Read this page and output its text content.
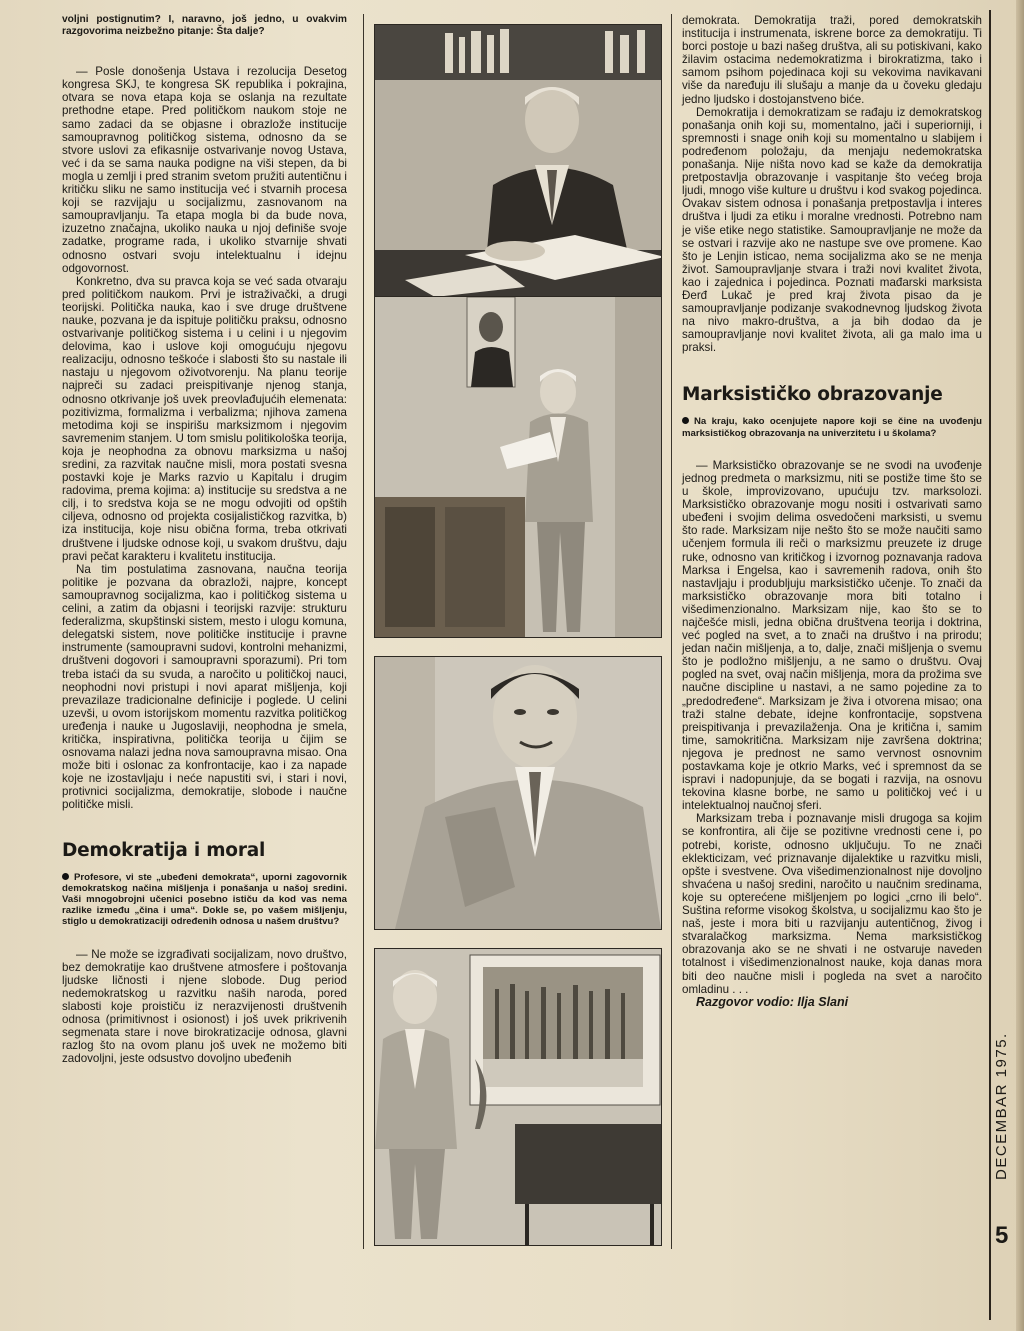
voljni postignutim? I, naravno, još jedno, u ovakvim razgovorima neizbežno pitanje: Šta dalje?

— Posle donošenja Ustava i rezolucija Desetog kongresa SKJ, te kongresa SK republika i pokrajina, otvara se nova etapa koja se oslanja na rezultate prethodne etape. Pred političkom naukom stoje ne samo zadaci da se objasne i obrazlože institucije samoupravnog političkog sistema, odnosno da se stvore uslovi za efikasnije ostvarivanje novog Ustava, već i da se sama nauka podigne na viši stepen, da bi mogla u zemlji i pred stranim svetom pružiti autentičnu i kritičku sliku ne samo institucija već i stvarnih procesa koji se razvijaju u socijalizmu, zasnovanom na samoupravljanju. Ta etapa mogla bi da bude nova, izuzetno značajna, ukoliko nauka u njoj definiše svoje zadatke, programe rada, i ukoliko stvarnije shvati odnosno ostvari svoju intelektualnu i idejnu odgovornost.

Konkretno, dva su pravca koja se već sada otvaraju pred političkom naukom. Prvi je istraživački, a drugi teorijski. Politička nauka, kao i sve druge društvene nauke, pozvana je da ispituje političku praksu, odnosno ostvarivanje političkog sistema i u celini i u njegovim delovima, kao i uslove koji omogućuju njegovu realizaciju, odnosno teškoće i slabosti što su nastale ili nastaju u njegovom oživotvorenju. Na planu teorije najpreči su zadaci preispitivanje njenog stanja, odnosno otkrivanje još uvek preovlađujućih elemenata: pozitivizma, formalizma i verbalizma; njihova zamena metodima koji se inspirišu marksizmom i njegovim savremenim stanjem. U tom smislu politikološka teorija, koja je neophodna za obnovu marksizma u našoj sredini, za razvitak naučne misli, mora postati svesna postavki koje je Marks razvio u Kapitalu i drugim radovima, prema kojima: a) institucije su sredstva a ne cilj, i to sredstva koja se ne mogu odvojiti od opštih ciljeva, odnosno od projekta cosijalističkog razvitka, b) iza institucija, koje nisu obična forma, treba otkrivati društvene i ljudske odnose koji, u svakom društvu, daju pravi pečat karakteru i kvalitetu institucija.

Na tim postulatima zasnovana, naučna teorija politike je pozvana da obrazloži, najpre, koncept samoupravnog socijalizma, kao i političkog sistema u celini, a zatim da objasni i teorijski razvije: strukturu federalizma, skupštinski sistem, mesto i ulogu komuna, delegatski sistem, nove političke institucije i pravne instrumente (samoupravni sudovi, kontrolni mehanizmi, društveni dogovori i samoupravni sporazumi). Pri tom treba istaći da su svuda, a naročito u političkoj nauci, neophodni novi pristupi i novi aparat mišljenja, koji prevazilaze tradicionalne definicije i poglede. U celini uzevši, u ovom istorijskom momentu razvitka političkog uređenja i nauke u Jugoslaviji, neophodna je smela, kritička, inspirativna, politička teorija u čijim se osnovama nalazi jedna nova samoupravna misao. Ona može biti i oslonac za konfrontacije, kao i za napade koje ne izostavljaju i neće napustiti svi, i stari i novi, protivnici socijalizma, demokratije, slobode i naučne političke misli.

Demokratija i moral
Profesore, vi ste „ubeđeni demokrata“, uporni zagovornik demokratskog načina mišljenja i ponašanja u našoj sredini. Vaši mnogobrojni učenici posebno ističu da kod vas nema razlike između „čina i uma“. Dokle se, po vašem mišljenju, stiglo u demokratizaciji određenih odnosa u našem društvu?

— Ne može se izgrađivati socijalizam, novo društvo, bez demokratije kao društvene atmosfere i poštovanja ljudske ličnosti i njene slobode. Dug period nedemokratskog u razvitku naših naroda, pored slabosti koje proističu iz nerazvijenosti društvenih odnosa (primitivnost i osionost) i još uvek prikrivenih segmenata stare i nove birokratizacije odnosa, glavni razlog što na ovom planu još uvek ne možemo biti zadovoljni, jeste odsustvo dovoljno ubeđenih

demokrata. Demokratija traži, pored demokratskih institucija i instrumenata, iskrene borce za demokratiju. Ti borci postoje u bazi našeg društva, ali su potiskivani, kako žilavim ostacima nedemokratizma i birokratizma, tako i samom psihom pojedinaca koji su vekovima navikavani više da naređuju ili slušaju a manje da u čoveku gledaju jedno ljudsko i dostojanstveno biće.

Demokratija i demokratizam se rađaju iz demokratskog ponašanja onih koji su, momentalno, jači i superiorniji, i spremnosti i snage onih koji su momentalno u slabijem i podređenom položaju, da menjaju nedemokratska ponašanja. Nije ništa novo kad se kaže da demokratija pretpostavlja obrazovanje i vaspitanje što većeg broja ljudi, mnogo više kulture u društvu i kod svakog pojedinca. Ovakav sistem odnosa i ponašanja pretpostavlja i interes društva i ljudi za etiku i moralne vrednosti. Potrebno nam je više etike nego statistike. Samoupravljanje ne može da se ostvari i razvije ako ne nastupe sve ove promene. Kao što je Lenjin isticao, nema socijalizma ako se ne menja život. Samoupravljanje stvara i traži novi kvalitet života, kao i zajednica i pojedinca. Poznati mađarski marksista Đerđ Lukač je pred kraj života pisao da je samoupravljanje podizanje svakodnevnog ljudskog života na nivo makro-društva, a ja bih dodao da je samoupravljanje novi kvalitet života, ali ga malo ima u praksi.

Marksističko obrazovanje
Na kraju, kako ocenjujete napore koji se čine na uvođenju marksističkog obrazovanja na univerzitetu i u školama?

— Marksističko obrazovanje se ne svodi na uvođenje jednog predmeta o marksizmu, niti se postiže time što se u škole, improvizovano, upućuju tzv. marksolozi. Marksističko obrazovanje mogu nositi i ostvarivati samo ubeđeni i svojim delima osvedočeni marksisti, u svemu što rade. Marksizam nije nešto što se može naučiti samo učenjem formula ili reči o marksizmu preuzete iz druge ruke, odnosno van kritičkog i izvornog poznavanja radova Marksa i Engelsa, kao i savremenih radova, onih što nastavljaju i produbljuju marksističko učenje. To znači da marksističko obrazovanje mora biti totalno i višedimenzionalno. Marksizam nije, kao što se to najčešće misli, jedna obična društvena teorija i doktrina, već pogled na svet, a to znači na društvo i na prirodu; jedan način mišljenja, a to, dalje, znači mišljenja o svemu što je podložno mišljenju, a ne samo o društvu. Ovaj pogled na svet, ovaj način mišljenja, mora da prožima sve naučne discipline u nastavi, a ne samo pojedine za to „predodređene“. Marksizam je živa i otvorena misao; ona traži stalne debate, idejne konfrontacije, sopstvena preispitivanja i prevazilaženja. Ona je kritična i, samim time, samokritična. Marksizam nije završena doktrina; njegova je prednost ne samo vervnost osnovnim postavkama koje je otkrio Marks, već i spremnost da se ispravi i nadopunjuje, da se bogati i razvija, na osnovu tekovina klasne borbe, ne samo u političkoj već i u intelektualnoj naučnoj sferi.

Marksizam treba i poznavanje misli drugoga sa kojim se konfrontira, ali čije se pozitivne vrednosti cene i, po potrebi, koriste, odnosno uključuju. To ne znači eklekticizam, već priznavanje dijalektike u razvitku misli, opšte i svestvene. Ova višedimenzionalnost nije dovoljno shvaćena u našoj sredini, naročito u naučnim sredinama, koje su opterećene mišljenjem po logici „crno ili belo“. Suština reforme visokog školstva, u socijalizmu kao što je naš, jeste i mora biti u razvijanju autentičnog, živog i stvaralačkog marksizma. Nema marksističkog obrazovanja ako se ne shvati i ne ostvaruje naveden totalnost i višedimenzionalnost nauke, koja danas mora biti deo naučne misli i pogleda na svet a naročito omladinu . . .

Razgovor vodio: Ilja Slani

DECEMBAR 1975.
5
